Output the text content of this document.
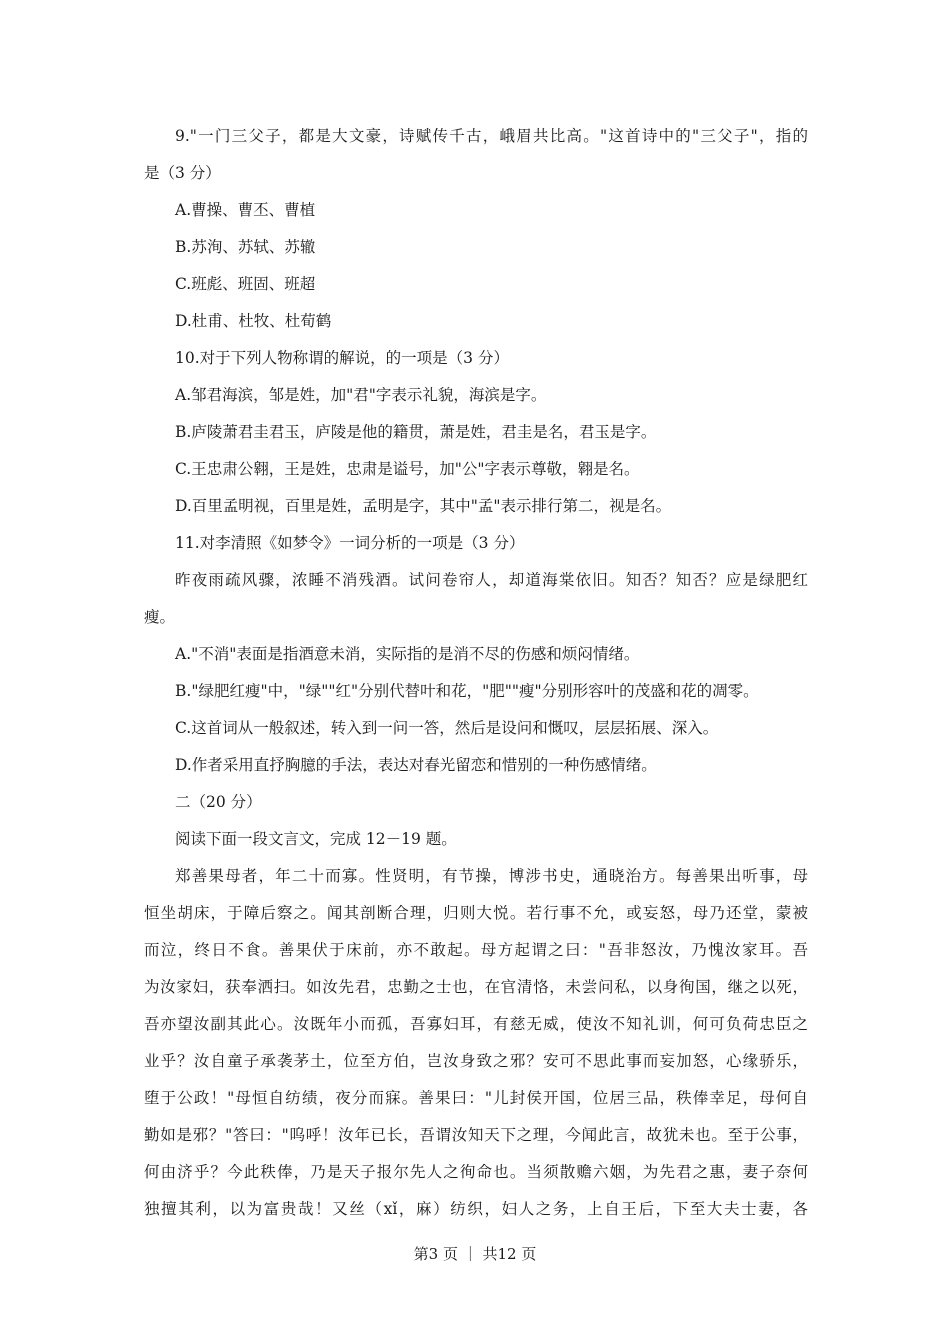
9."一门三父子，都是大文豪，诗赋传千古，峨眉共比高。"这首诗中的"三父子"，指的
是（3 分）
A.曹操、曹丕、曹植
B.苏洵、苏轼、苏辙
C.班彪、班固、班超
D.杜甫、杜牧、杜荀鹤
10.对于下列人物称谓的解说，的一项是（3 分）
A.邹君海滨，邹是姓，加"君"字表示礼貌，海滨是字。
B.庐陵萧君圭君玉，庐陵是他的籍贯，萧是姓，君圭是名，君玉是字。
C.王忠肃公翱，王是姓，忠肃是谥号，加"公"字表示尊敬，翱是名。
D.百里孟明视，百里是姓，孟明是字，其中"孟"表示排行第二，视是名。
11.对李清照《如梦令》一词分析的一项是（3 分）
昨夜雨疏风骤，浓睡不消残酒。试问卷帘人，却道海棠依旧。知否？知否？应是绿肥红
瘦。
A."不消"表面是指酒意未消，实际指的是消不尽的伤感和烦闷情绪。
B."绿肥红瘦"中，"绿""红"分别代替叶和花，"肥""瘦"分别形容叶的茂盛和花的凋零。
C.这首词从一般叙述，转入到一问一答，然后是设问和慨叹，层层拓展、深入。
D.作者采用直抒胸臆的手法，表达对春光留恋和惜别的一种伤感情绪。
二（20 分）
阅读下面一段文言文，完成 12－19 题。
郑善果母者，年二十而寡。性贤明，有节操，博涉书史，通晓治方。每善果出听事，母
恒坐胡床，于障后察之。闻其剖断合理，归则大悦。若行事不允，或妄怒，母乃还堂，蒙被
而泣，终日不食。善果伏于床前，亦不敢起。母方起谓之曰："吾非怒汝，乃愧汝家耳。吾
为汝家妇，获奉洒扫。如汝先君，忠勤之士也，在官清恪，未尝问私，以身徇国，继之以死，
吾亦望汝副其此心。汝既年小而孤，吾寡妇耳，有慈无威，使汝不知礼训，何可负荷忠臣之
业乎？汝自童子承袭茅土，位至方伯，岂汝身致之邪？安可不思此事而妄加怒，心缘骄乐，
堕于公政！"母恒自纺绩，夜分而寐。善果曰："儿封侯开国，位居三品，秩俸幸足，母何自
勤如是邪？"答曰："呜呼！汝年已长，吾谓汝知天下之理，今闻此言，故犹未也。至于公事，
何由济乎？今此秩俸，乃是天子报尔先人之徇命也。当须散赡六姻，为先君之惠，妻子奈何
独擅其利，以为富贵哉！又丝（xǐ，麻）纺织，妇人之务，上自王后，下至大夫士妻，各
第3 页 ｜ 共12 页
